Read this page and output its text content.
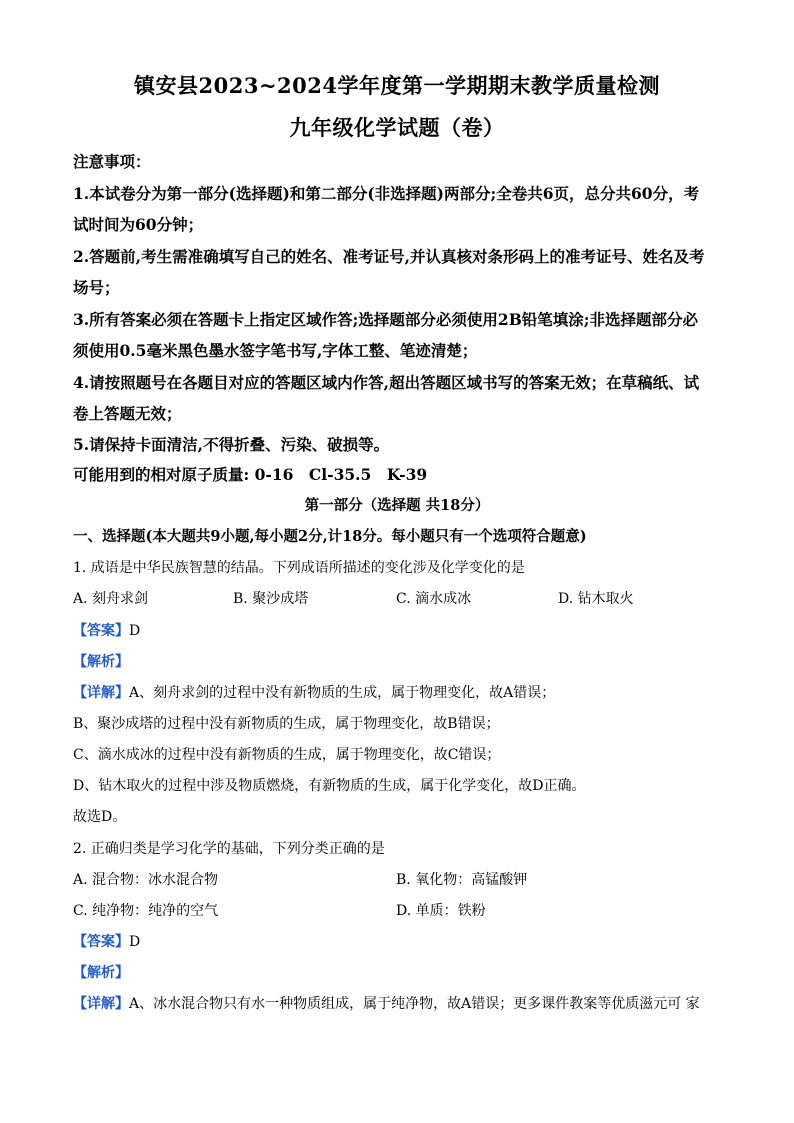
镇安县2023~2024学年度第一学期期末教学质量检测
九年级化学试题（卷）
注意事项：
1.本试卷分为第一部分(选择题)和第二部分(非选择题)两部分;全卷共6页，总分共60分，考
试时间为60分钟；
2.答题前,考生需准确填写自己的姓名、准考证号,并认真核对条形码上的准考证号、姓名及考
场号；
3.所有答案必须在答题卡上指定区域作答;选择题部分必须使用2B铅笔填涂;非选择题部分必
须使用0.5毫米黑色墨水签字笔书写,字体工整、笔迹清楚；
4.请按照题号在各题目对应的答题区域内作答,超出答题区域书写的答案无效；在草稿纸、试
卷上答题无效；
5.请保持卡面清洁,不得折叠、污染、破损等。
可能用到的相对原子质量: 0-16　Cl-35.5　K-39
第一部分（选择题 共18分）
一、选择题(本大题共9小题,每小题2分,计18分。每小题只有一个选项符合题意)
1. 成语是中华民族智慧的结晶。下列成语所描述的变化涉及化学变化的是
A. 刻舟求剑	B. 聚沙成塔	C. 滴水成冰	D. 钻木取火
【答案】D
【解析】
【详解】A、刻舟求剑的过程中没有新物质的生成，属于物理变化，故A错误；
B、聚沙成塔的过程中没有新物质的生成，属于物理变化，故B错误；
C、滴水成冰的过程中没有新物质的生成，属于物理变化，故C错误；
D、钻木取火的过程中涉及物质燃烧，有新物质的生成，属于化学变化，故D正确。
故选D。
2. 正确归类是学习化学的基础，下列分类正确的是
A. 混合物：冰水混合物	B. 氧化物：高锰酸钾
C. 纯净物：纯净的空气	D. 单质：铁粉
【答案】D
【解析】
【详解】A、冰水混合物只有水一种物质组成，属于纯净物，故A错误；更多课件教案等优质滋元可 家
